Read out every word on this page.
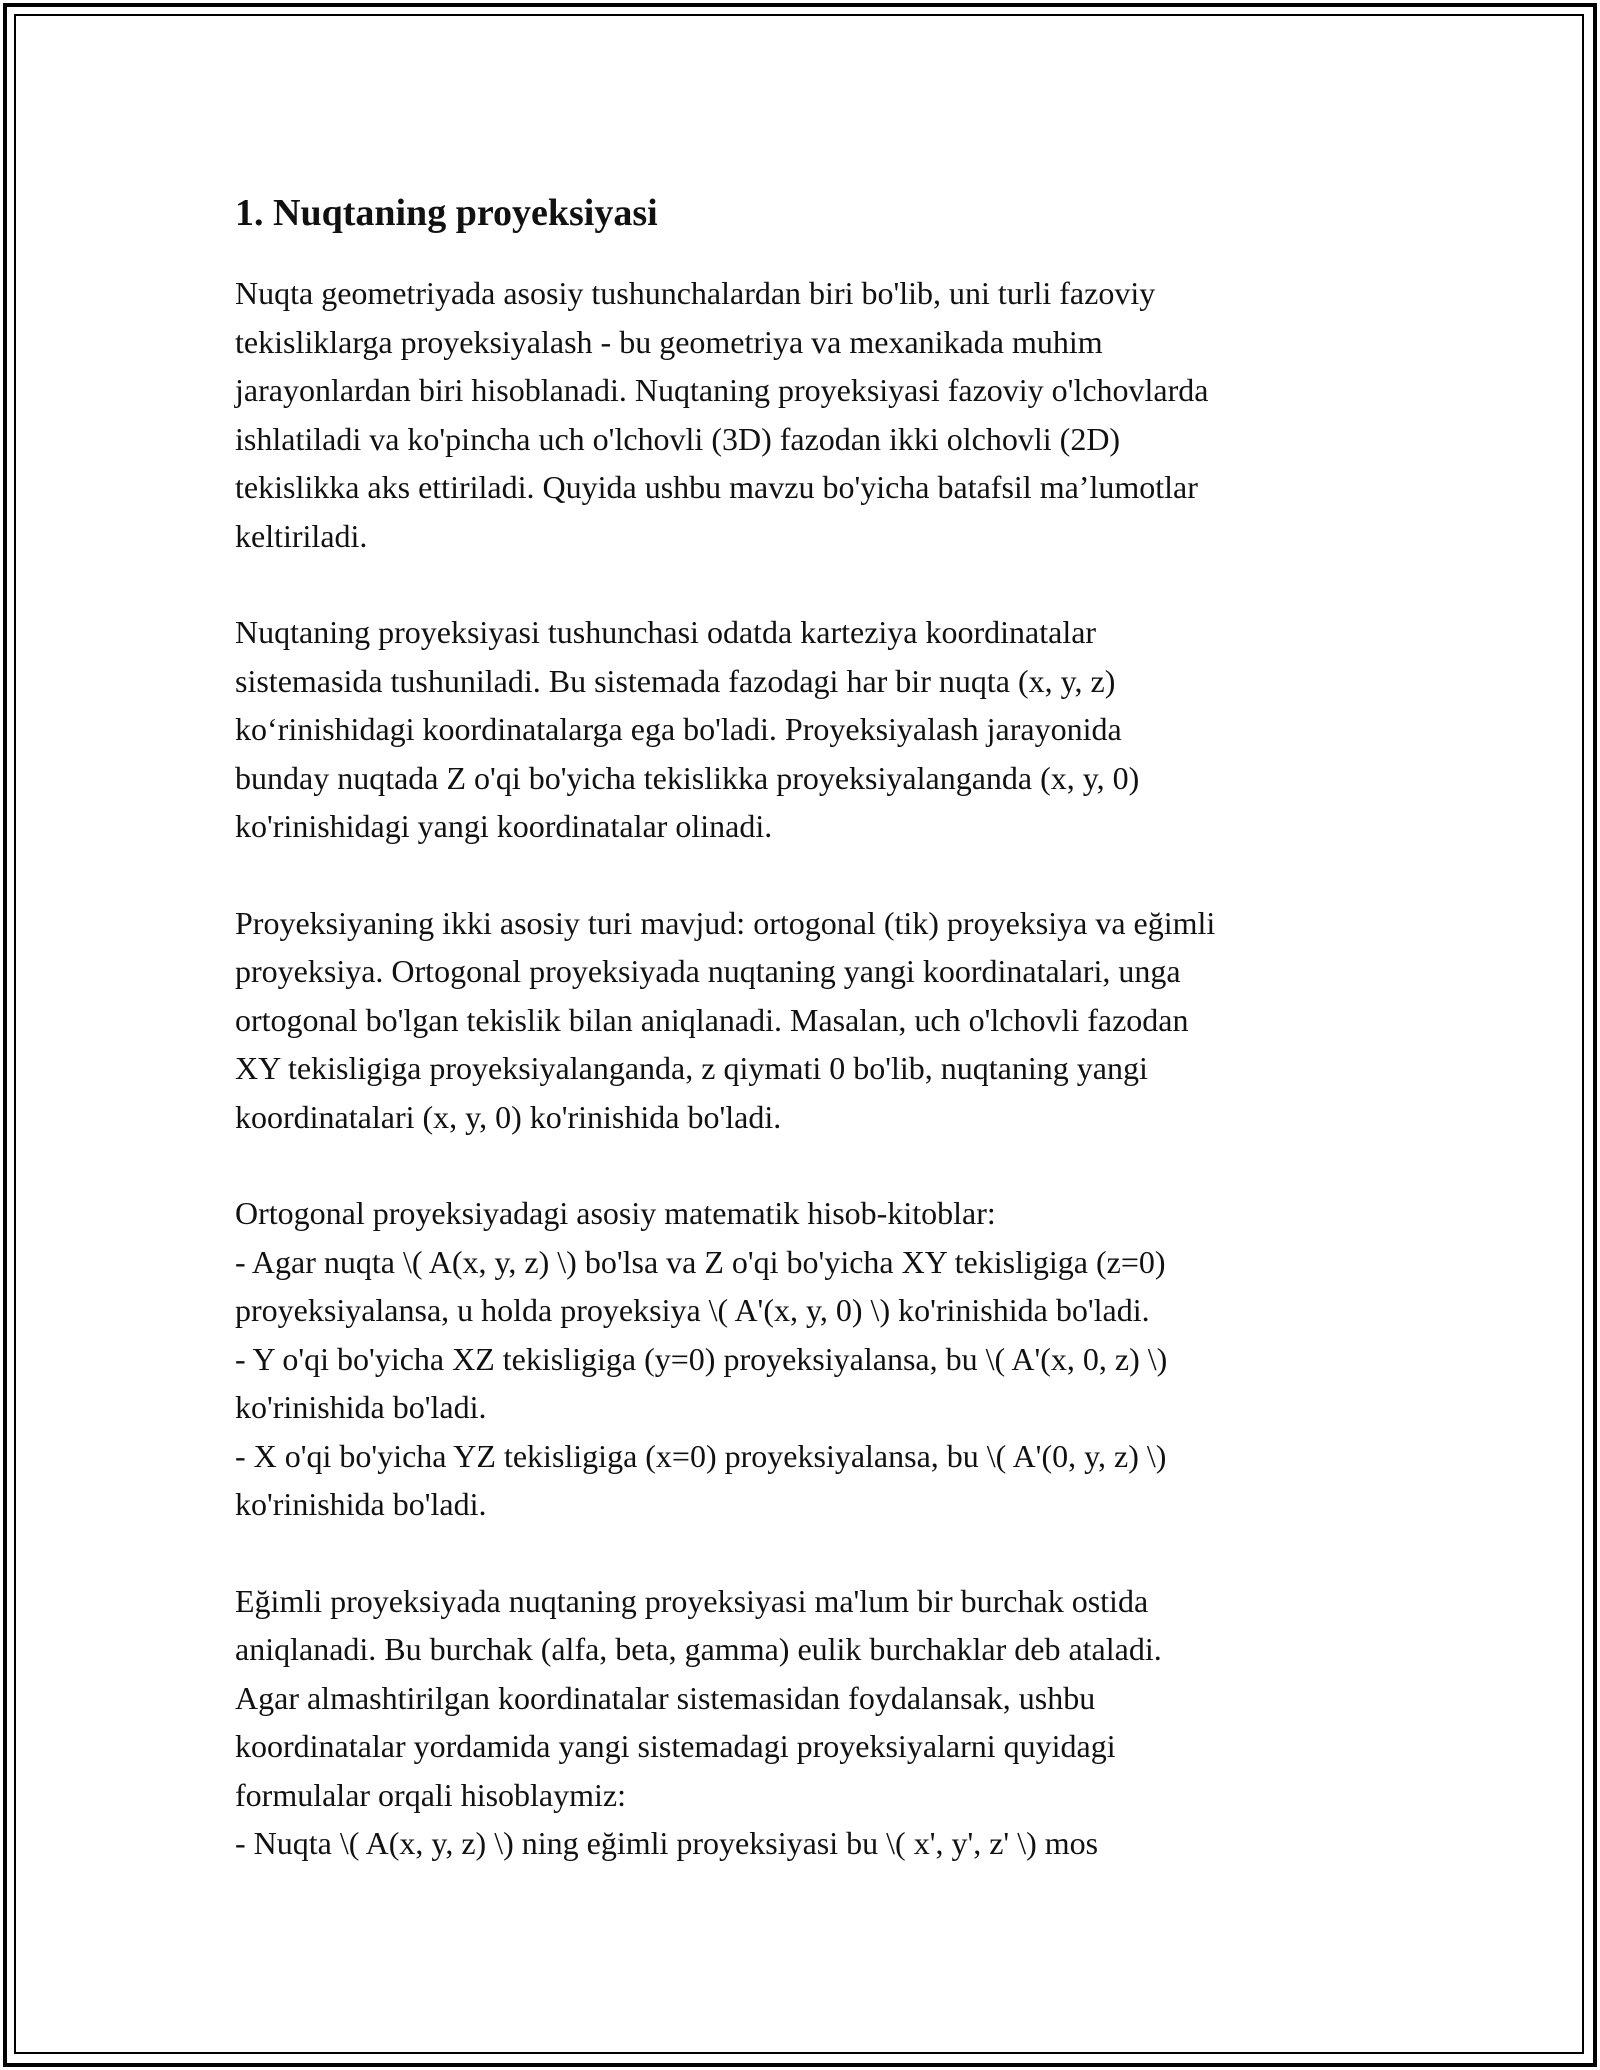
1. Nuqtaning proyeksiyasi

Nuqta geometriyada asosiy tushunchalardan biri bo'lib, uni turli fazoviy
tekisliklarga proyeksiyalash - bu geometriya va mexanikada muhim
jarayonlardan biri hisoblanadi. Nuqtaning proyeksiyasi fazoviy o'lchovlarda
ishlatiladi va ko'pincha uch o'lchovli (3D) fazodan ikki olchovli (2D)
tekislikka aks ettiriladi. Quyida ushbu mavzu bo'yicha batafsil ma’lumotlar
keltiriladi.

Nuqtaning proyeksiyasi tushunchasi odatda karteziya koordinatalar
sistemasida tushuniladi. Bu sistemada fazodagi har bir nuqta (x, y, z)
ko‘rinishidagi koordinatalarga ega bo'ladi. Proyeksiyalash jarayonida
bunday nuqtada Z o'qi bo'yicha tekislikka proyeksiyalanganda (x, y, 0)
ko'rinishidagi yangi koordinatalar olinadi.

Proyeksiyaning ikki asosiy turi mavjud: ortogonal (tik) proyeksiya va eğimli
proyeksiya. Ortogonal proyeksiyada nuqtaning yangi koordinatalari, unga
ortogonal bo'lgan tekislik bilan aniqlanadi. Masalan, uch o'lchovli fazodan
XY tekisligiga proyeksiyalanganda, z qiymati 0 bo'lib, nuqtaning yangi
koordinatalari (x, y, 0) ko'rinishida bo'ladi.

Ortogonal proyeksiyadagi asosiy matematik hisob-kitoblar:
- Agar nuqta \( A(x, y, z) \) bo'lsa va Z o'qi bo'yicha XY tekisligiga (z=0)
proyeksiyalansa, u holda proyeksiya \( A'(x, y, 0) \) ko'rinishida bo'ladi.
- Y o'qi bo'yicha XZ tekisligiga (y=0) proyeksiyalansa, bu \( A'(x, 0, z) \)
ko'rinishida bo'ladi.
- X o'qi bo'yicha YZ tekisligiga (x=0) proyeksiyalansa, bu \( A'(0, y, z) \)
ko'rinishida bo'ladi.

Eğimli proyeksiyada nuqtaning proyeksiyasi ma'lum bir burchak ostida
aniqlanadi. Bu burchak (alfa, beta, gamma) eulik burchaklar deb ataladi.
Agar almashtirilgan koordinatalar sistemasidan foydalansak, ushbu
koordinatalar yordamida yangi sistemadagi proyeksiyalarni quyidagi
formulalar orqali hisoblaymiz:
- Nuqta \( A(x, y, z) \) ning eğimli proyeksiyasi bu \( x', y', z' \) mos
